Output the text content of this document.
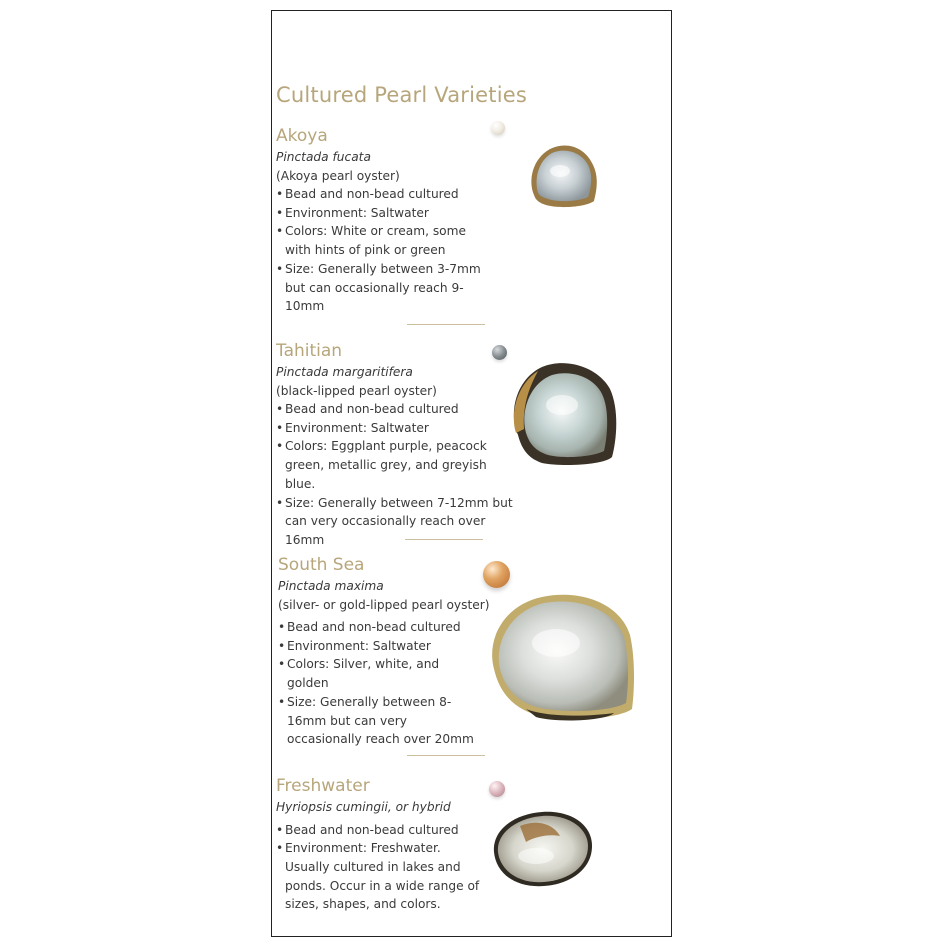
Cultured Pearl Varieties
Akoya
Pinctada fucata
(Akoya pearl oyster)
• Bead and non-bead cultured
• Environment: Saltwater
• Colors: White or cream, some with hints of pink or green
• Size: Generally between 3-7mm but can occasionally reach 9-10mm
Tahitian
Pinctada margaritifera
(black-lipped pearl oyster)
• Bead and non-bead cultured
• Environment: Saltwater
• Colors: Eggplant purple, peacock green, metallic grey, and greyish blue.
• Size: Generally between 7-12mm but can very occasionally reach over 16mm
South Sea
Pinctada maxima
(silver- or gold-lipped pearl oyster)
• Bead and non-bead cultured
• Environment: Saltwater
• Colors: Silver, white, and golden
• Size: Generally between 8-16mm but can very occasionally reach over 20mm
Freshwater
Hyriopsis cumingii, or hybrid
• Bead and non-bead cultured
• Environment: Freshwater. Usually cultured in lakes and ponds. Occur in a wide range of sizes, shapes, and colors.
